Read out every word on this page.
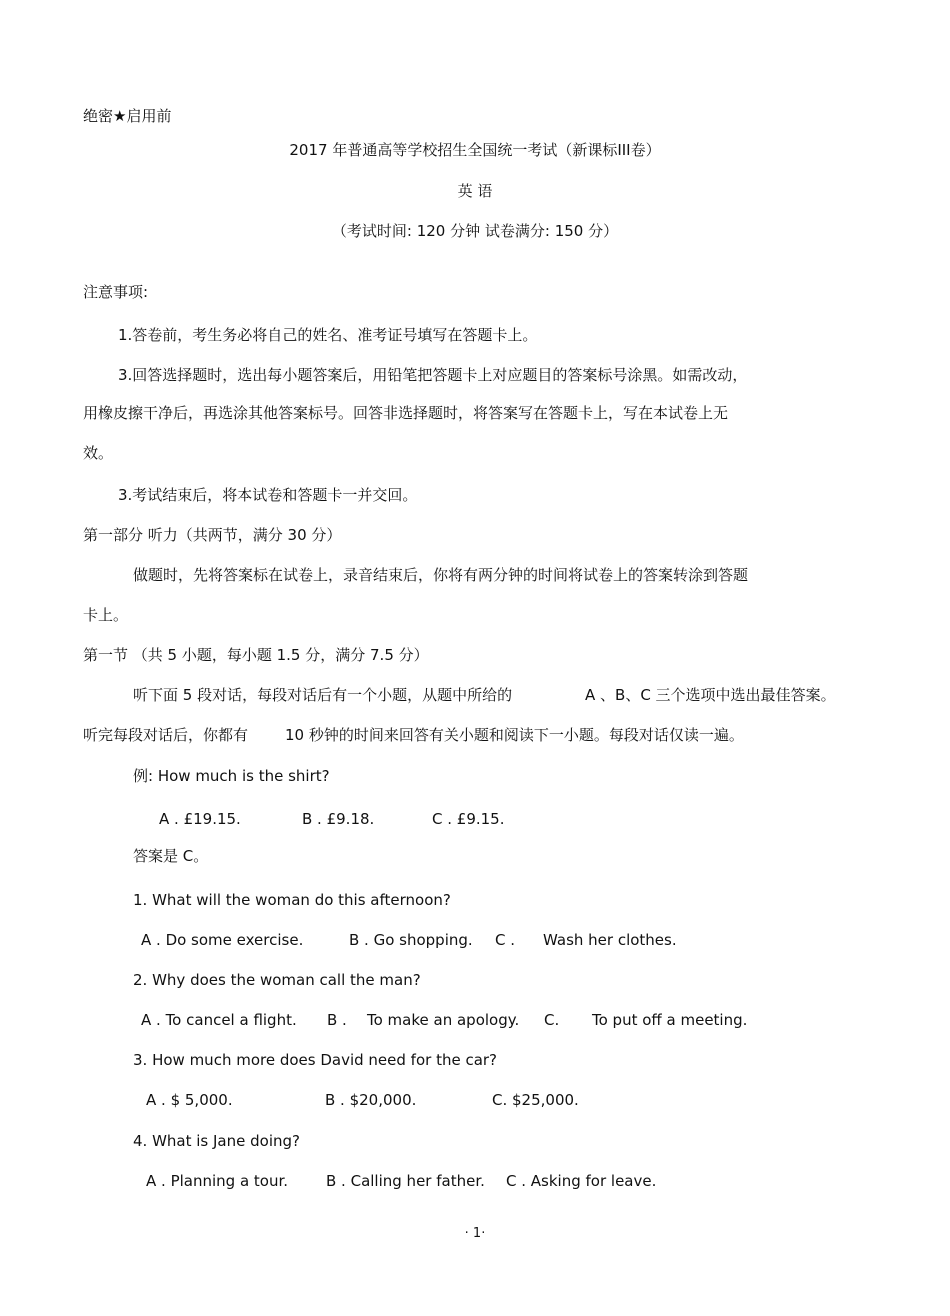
绝密★启用前
2017 年普通高等学校招生全国统一考试（新课标III卷）
英 语
（考试时间: 120 分钟 试卷满分: 150 分）
注意事项:
1.答卷前，考生务必将自己的姓名、准考证号填写在答题卡上。
3.回答选择题时，选出每小题答案后，用铅笔把答题卡上对应题目的答案标号涂黑。如需改动，
用橡皮擦干净后，再选涂其他答案标号。回答非选择题时，将答案写在答题卡上，写在本试卷上无
效。
3.考试结束后，将本试卷和答题卡一并交回。
第一部分 听力（共两节，满分 30 分）
做题时，先将答案标在试卷上，录音结束后，你将有两分钟的时间将试卷上的答案转涂到答题
卡上。
第一节 （共 5 小题，每小题 1.5 分，满分 7.5 分）
听下面 5 段对话，每段对话后有一个小题，从题中所给的	A 、B、C 三个选项中选出最佳答案。
听完每段对话后，你都有 10 秒钟的时间来回答有关小题和阅读下一小题。每段对话仅读一遍。
例: How much is the shirt?
A . £19.15.	B . £9.18.	C . £9.15.
答案是 C。
1. What will the woman do this afternoon?
A . Do some exercise.	B . Go shopping. C . Wash her clothes.
2. Why does the woman call the man?
A . To cancel a flight. B . To make an apology. C. To put off a meeting.
3. How much more does David need for the car?
A . $ 5,000.	B . $20,000.	C. $25,000.
4. What is Jane doing?
A . Planning a tour.	B . Calling her father. C . Asking for leave.
· 1·
